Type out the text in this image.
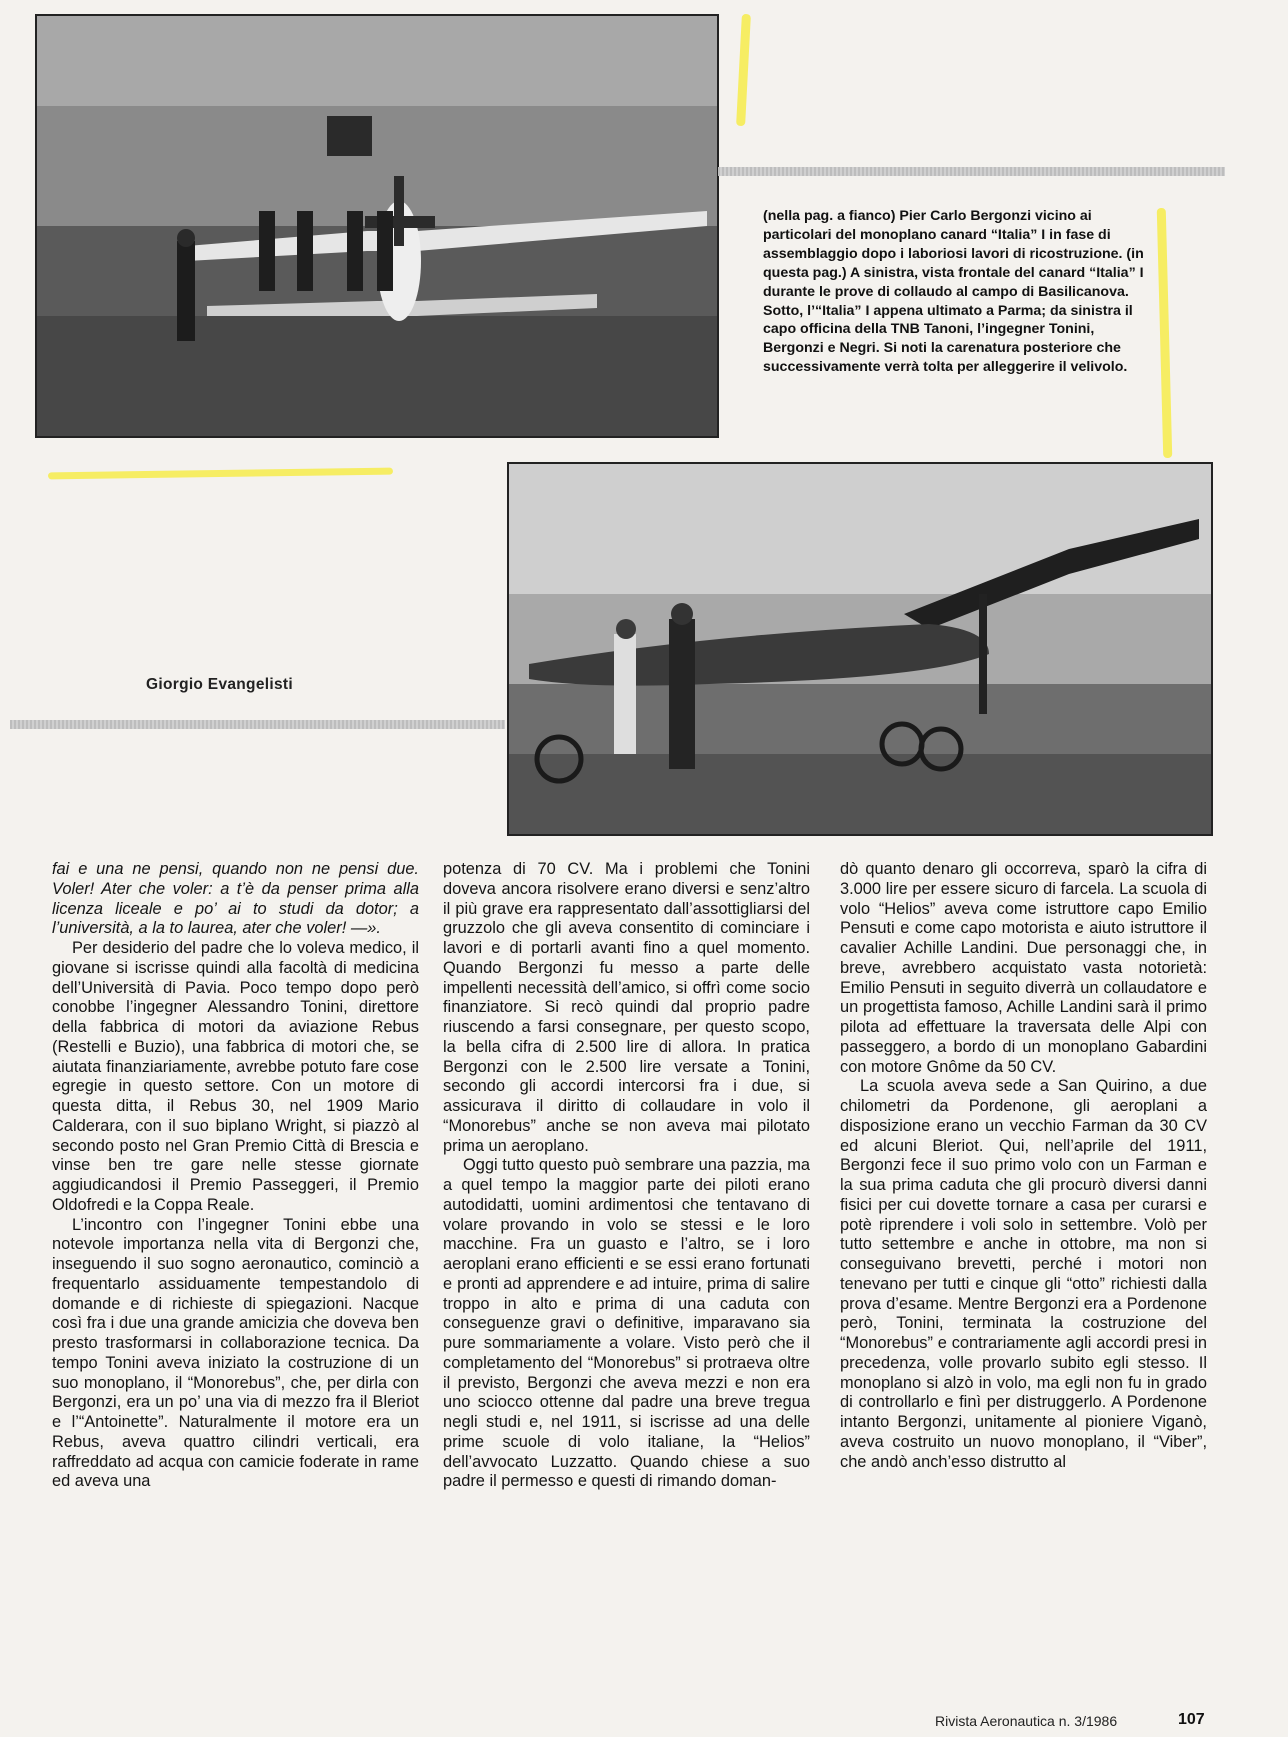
(nella pag. a fianco) Pier Carlo Bergonzi vicino ai particolari del monoplano canard “Italia” I in fase di assemblaggio dopo i laboriosi lavori di ricostruzione. (in questa pag.) A sinistra, vista frontale del canard “Italia” I durante le prove di collaudo al campo di Basilicanova. Sotto, l’“Italia” I appena ultimato a Parma; da sinistra il capo officina della TNB Tanoni, l’ingegner Tonini, Bergonzi e Negri. Si noti la carenatura posteriore che successivamente verrà tolta per alleggerire il velivolo.

Giorgio Evangelisti

fai e una ne pensi, quando non ne pensi due. Voler! Ater che voler: a t’è da penser prima alla licenza liceale e po’ ai to studi da dotor; a l’università, a la to laurea, ater che voler! —».

Per desiderio del padre che lo voleva medico, il giovane si iscrisse quindi alla facoltà di medicina dell’Università di Pavia. Poco tempo dopo però conobbe l’ingegner Alessandro Tonini, direttore della fabbrica di motori da aviazione Rebus (Restelli e Buzio), una fabbrica di motori che, se aiutata finanziariamente, avrebbe potuto fare cose egregie in questo settore. Con un motore di questa ditta, il Rebus 30, nel 1909 Mario Calderara, con il suo biplano Wright, si piazzò al secondo posto nel Gran Premio Città di Brescia e vinse ben tre gare nelle stesse giornate aggiudicandosi il Premio Passeggeri, il Premio Oldofredi e la Coppa Reale.

L’incontro con l’ingegner Tonini ebbe una notevole importanza nella vita di Bergonzi che, inseguendo il suo sogno aeronautico, cominciò a frequentarlo assiduamente tempestandolo di domande e di richieste di spiegazioni. Nacque così fra i due una grande amicizia che doveva ben presto trasformarsi in collaborazione tecnica. Da tempo Tonini aveva iniziato la costruzione di un suo monoplano, il “Monorebus”, che, per dirla con Bergonzi, era un po’ una via di mezzo fra il Bleriot e l’“Antoinette”. Naturalmente il motore era un Rebus, aveva quattro cilindri verticali, era raffreddato ad acqua con camicie foderate in rame ed aveva una

potenza di 70 CV. Ma i problemi che Tonini doveva ancora risolvere erano diversi e senz’altro il più grave era rappresentato dall’assottigliarsi del gruzzolo che gli aveva consentito di cominciare i lavori e di portarli avanti fino a quel momento. Quando Bergonzi fu messo a parte delle impellenti necessità dell’amico, si offrì come socio finanziatore. Si recò quindi dal proprio padre riuscendo a farsi consegnare, per questo scopo, la bella cifra di 2.500 lire di allora. In pratica Bergonzi con le 2.500 lire versate a Tonini, secondo gli accordi intercorsi fra i due, si assicurava il diritto di collaudare in volo il “Monorebus” anche se non aveva mai pilotato prima un aeroplano.

Oggi tutto questo può sembrare una pazzia, ma a quel tempo la maggior parte dei piloti erano autodidatti, uomini ardimentosi che tentavano di volare provando in volo se stessi e le loro macchine. Fra un guasto e l’altro, se i loro aeroplani erano efficienti e se essi erano fortunati e pronti ad apprendere e ad intuire, prima di salire troppo in alto e prima di una caduta con conseguenze gravi o definitive, imparavano sia pure sommariamente a volare. Visto però che il completamento del “Monorebus” si protraeva oltre il previsto, Bergonzi che aveva mezzi e non era uno sciocco ottenne dal padre una breve tregua negli studi e, nel 1911, si iscrisse ad una delle prime scuole di volo italiane, la “Helios” dell’avvocato Luzzatto. Quando chiese a suo padre il permesso e questi di rimando doman-

dò quanto denaro gli occorreva, sparò la cifra di 3.000 lire per essere sicuro di farcela. La scuola di volo “Helios” aveva come istruttore capo Emilio Pensuti e come capo motorista e aiuto istruttore il cavalier Achille Landini. Due personaggi che, in breve, avrebbero acquistato vasta notorietà: Emilio Pensuti in seguito diverrà un collaudatore e un progettista famoso, Achille Landini sarà il primo pilota ad effettuare la traversata delle Alpi con passeggero, a bordo di un monoplano Gabardini con motore Gnôme da 50 CV.

La scuola aveva sede a San Quirino, a due chilometri da Pordenone, gli aeroplani a disposizione erano un vecchio Farman da 30 CV ed alcuni Bleriot. Qui, nell’aprile del 1911, Bergonzi fece il suo primo volo con un Farman e la sua prima caduta che gli procurò diversi danni fisici per cui dovette tornare a casa per curarsi e potè riprendere i voli solo in settembre. Volò per tutto settembre e anche in ottobre, ma non si conseguivano brevetti, perché i motori non tenevano per tutti e cinque gli “otto” richiesti dalla prova d’esame. Mentre Bergonzi era a Pordenone però, Tonini, terminata la costruzione del “Monorebus” e contrariamente agli accordi presi in precedenza, volle provarlo subito egli stesso. Il monoplano si alzò in volo, ma egli non fu in grado di controllarlo e finì per distruggerlo. A Pordenone intanto Bergonzi, unitamente al pioniere Viganò, aveva costruito un nuovo monoplano, il “Viber”, che andò anch’esso distrutto al

Rivista Aeronautica n. 3/1986	107
